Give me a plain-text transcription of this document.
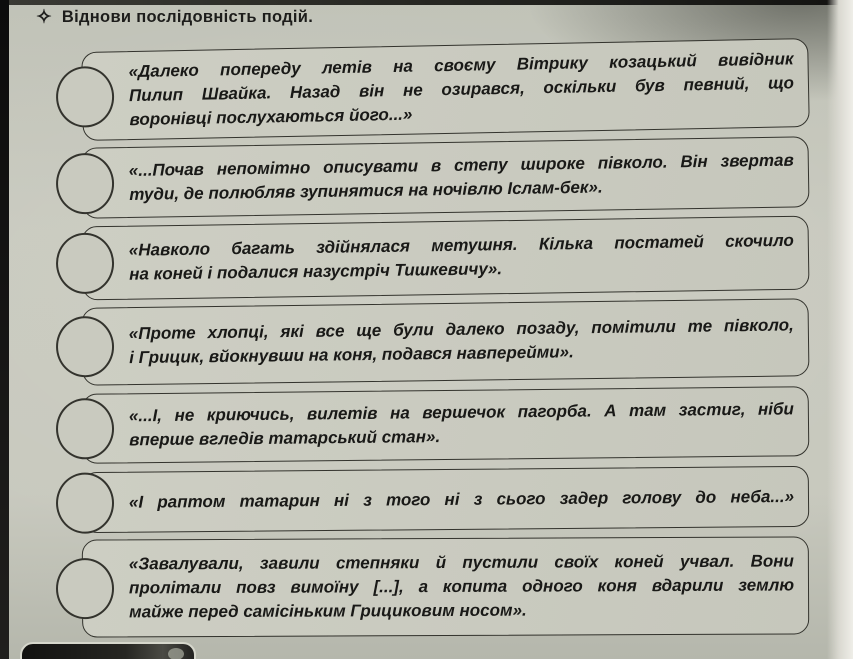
✧ Віднови послідовність подій.
«Далеко попереду летів на своєму Вітрику козацький вивідник
Пилип Швайка. Назад він не озирався, оскільки був певний, що
воронівці послухаються його...»
«...Почав непомітно описувати в степу широке півколо. Він звертав
туди, де полюбляв зупинятися на ночівлю Іслам-бек».
«Навколо багать здійнялася метушня. Кілька постатей скочило
на коней і подалися назустріч Тишкевичу».
«Проте хлопці, які все ще були далеко позаду, помітили те півколо,
і Грицик, вйокнувши на коня, подався навперейми».
«...І, не криючись, вилетів на вершечок пагорба. А там застиг, ніби
вперше вгледів татарський стан».
«І раптом татарин ні з того ні з сього задер голову до неба...»
«Завалували, завили степняки й пустили своїх коней учвал. Вони
пролітали повз вимоїну [...], а копита одного коня вдарили землю
майже перед самісіньким Грициковим носом».
